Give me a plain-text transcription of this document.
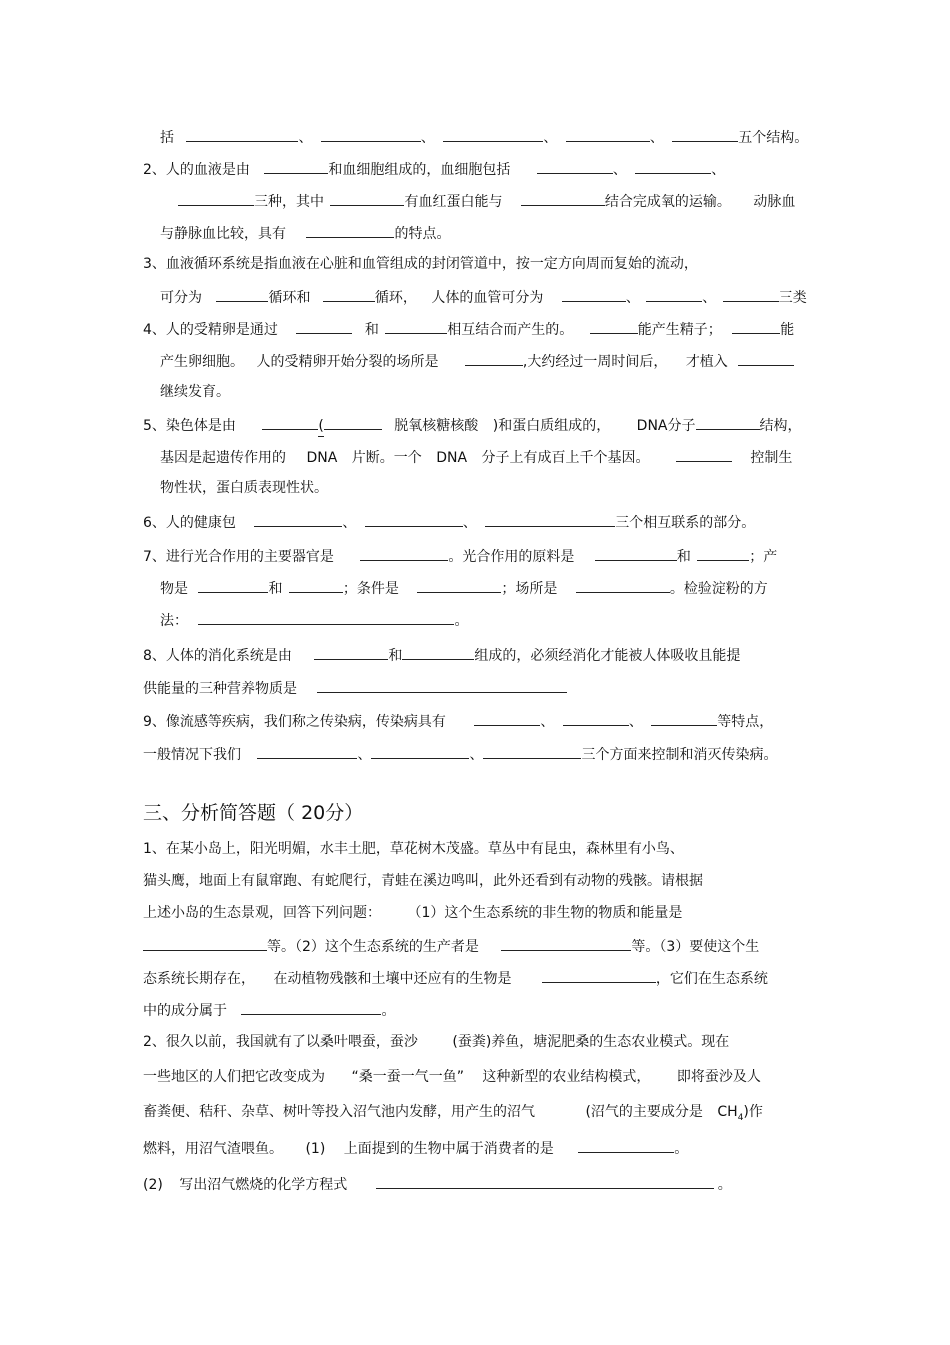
括	、	、	、	、	五个结构。
2、人的血液是由	和血细胞组成的，血细胞包括	、	、
三种，其中	有血红蛋白能与	结合完成氧的运输。 动脉血
与静脉血比较，具有	的特点。
3、血液循环系统是指血液在心脏和血管组成的封闭管道中，按一定方向周而复始的流动，
可分为	循环和	循环， 人体的血管可分为	、	、	三类
4、人的受精卵是通过	和	相互结合而产生的。	能产生精子；	能
产生卵细胞。 人的受精卵开始分裂的场所是	,大约经过一周时间后， 才植入
继续发育。
5、染色体是由	(	脱氧核糖核酸 )和蛋白质组成的， DNA分子	结构，
基因是起遗传作用的 DNA 片断。一个 DNA 分子上有成百上千个基因。	控制生
物性状，蛋白质表现性状。
6、人的健康包	、	、	三个相互联系的部分。
7、进行光合作用的主要器官是	。光合作用的原料是	和	；产
物是	和	；条件是	；场所是	。检验淀粉的方
法：	。
8、人体的消化系统是由	和	组成的，必须经消化才能被人体吸收且能提
供能量的三种营养物质是
9、像流感等疾病，我们称之传染病，传染病具有	、	、	等特点，
一般情况下我们	、	、	三个方面来控制和消灭传染病。
三、分析简答题（ 20分）
1、在某小岛上，阳光明媚，水丰土肥，草花树木茂盛。草丛中有昆虫，森林里有小鸟、
猫头鹰，地面上有鼠窜跑、有蛇爬行，青蛙在溪边鸣叫，此外还看到有动物的残骸。请根据
上述小岛的生态景观，回答下列问题： （1）这个生态系统的非生物的物质和能量是
等。（2）这个生态系统的生产者是	等。（3）要使这个生
态系统长期存在， 在动植物残骸和土壤中还应有的生物是	，它们在生态系统
中的成分属于	。
2、很久以前，我国就有了以桑叶喂蚕，蚕沙 (蚕粪)养鱼，塘泥肥桑的生态农业模式。现在
一些地区的人们把它改变成为 “桑一蚕一气一鱼” 这种新型的农业结构模式， 即将蚕沙及人
畜粪便、秸秆、杂草、树叶等投入沼气池内发酵，用产生的沼气	(沼气的主要成分是 $CH_4$)作
燃料，用沼气渣喂鱼。 (1) 上面提到的生物中属于消费者的是	。
(2) 写出沼气燃烧的化学方程式	。
